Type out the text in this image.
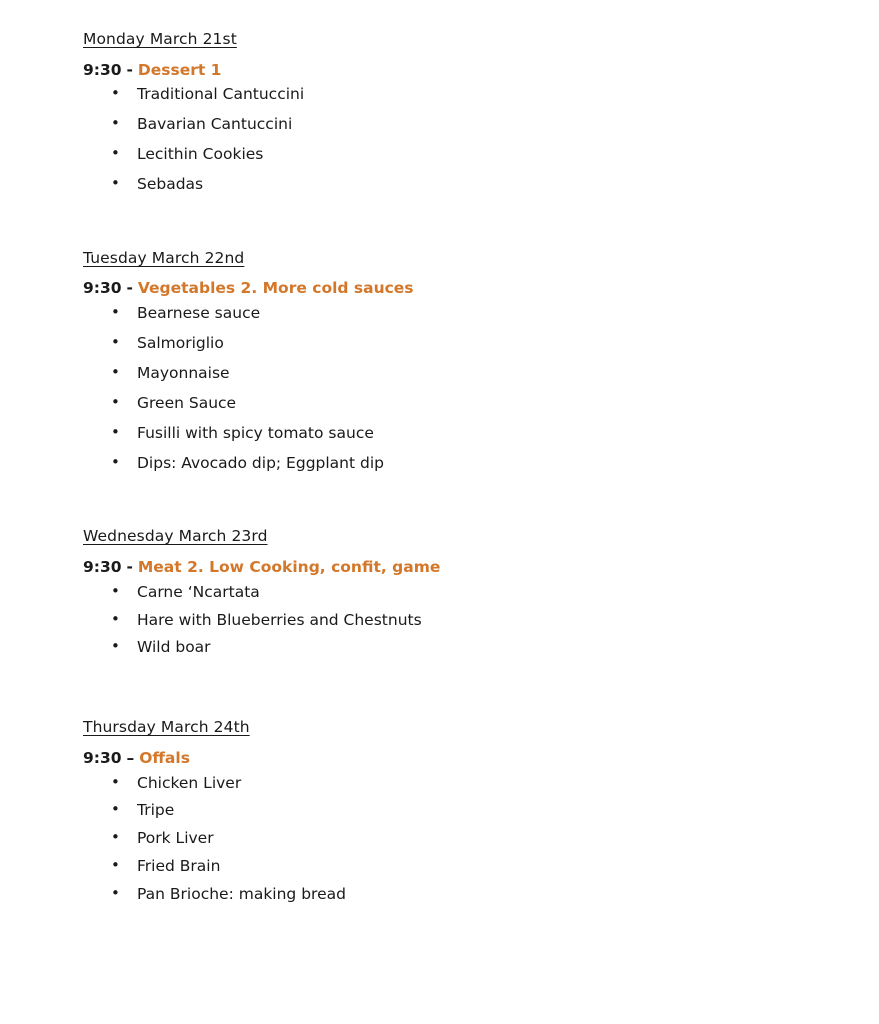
Monday March 21st
9:30 - Dessert 1
• Traditional Cantuccini
• Bavarian Cantuccini
• Lecithin Cookies
• Sebadas
Tuesday March 22nd
9:30 - Vegetables 2. More cold sauces
• Bearnese sauce
• Salmoriglio
• Mayonnaise
• Green Sauce
• Fusilli with spicy tomato sauce
• Dips: Avocado dip; Eggplant dip
Wednesday March 23rd
9:30 - Meat 2. Low Cooking, confit, game
• Carne ‘Ncartata
• Hare with Blueberries and Chestnuts
• Wild boar
Thursday March 24th
9:30 – Offals
• Chicken Liver
• Tripe
• Pork Liver
• Fried Brain
• Pan Brioche: making bread
